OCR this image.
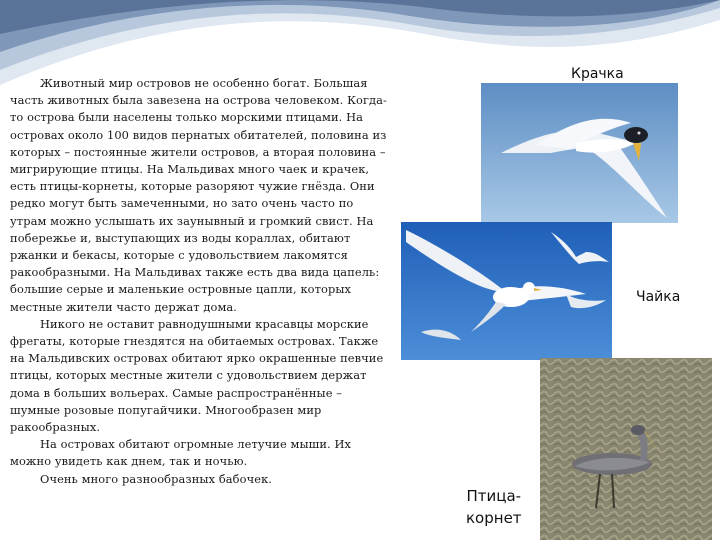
Животный мир островов не особенно богат. Большая часть животных была завезена на острова человеком. Когда-то острова были населены только морскими птицами. На островах около 100 видов пернатых обитателей, половина из которых – постоянные жители островов, а вторая половина – мигрирующие птицы. На Мальдивах много чаек и крачек, есть птицы-корнеты, которые разоряют чужие гнёзда. Они редко могут быть замеченными, но зато очень часто по утрам можно услышать их заунывный и громкий свист. На побережье и, выступающих из воды кораллах, обитают ржанки и бекасы, которые с удовольствием лакомятся ракообразными. На Мальдивах также есть два вида цапель: большие серые и маленькие островные цапли, которых местные жители часто держат дома.

Никого не оставит равнодушными красавцы морские фрегаты, которые гнездятся на обитаемых островах. Также на Мальдивских островах обитают ярко окрашенные певчие птицы, которых местные жители с удовольствием держат дома в больших вольерах. Самые распространённые – шумные розовые попугайчики. Многообразен мир ракообразных.

На островах обитают огромные летучие мыши. Их можно увидеть как днем, так и ночью.

Очень много разнообразных бабочек.

Крачка
Чайка
Птица-
корнет
